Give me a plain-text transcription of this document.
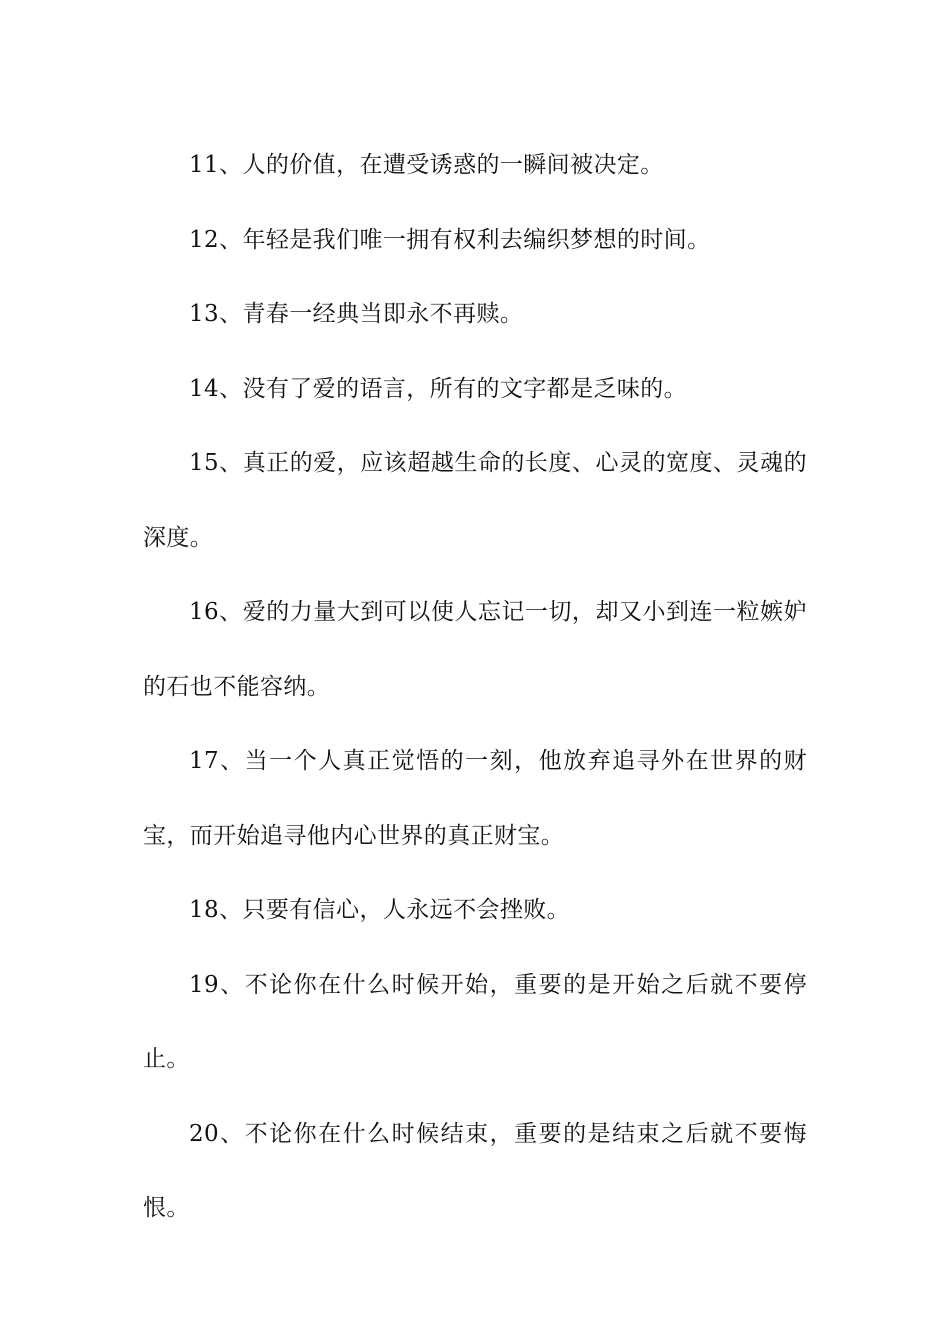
11、人的价值，在遭受诱惑的一瞬间被决定。

12、年轻是我们唯一拥有权利去编织梦想的时间。

13、青春一经典当即永不再赎。

14、没有了爱的语言，所有的文字都是乏味的。

15、真正的爱，应该超越生命的长度、心灵的宽度、灵魂的深度。

16、爱的力量大到可以使人忘记一切，却又小到连一粒嫉妒的石也不能容纳。

17、当一个人真正觉悟的一刻，他放弃追寻外在世界的财宝，而开始追寻他内心世界的真正财宝。

18、只要有信心，人永远不会挫败。

19、不论你在什么时候开始，重要的是开始之后就不要停止。

20、不论你在什么时候结束，重要的是结束之后就不要悔恨。
